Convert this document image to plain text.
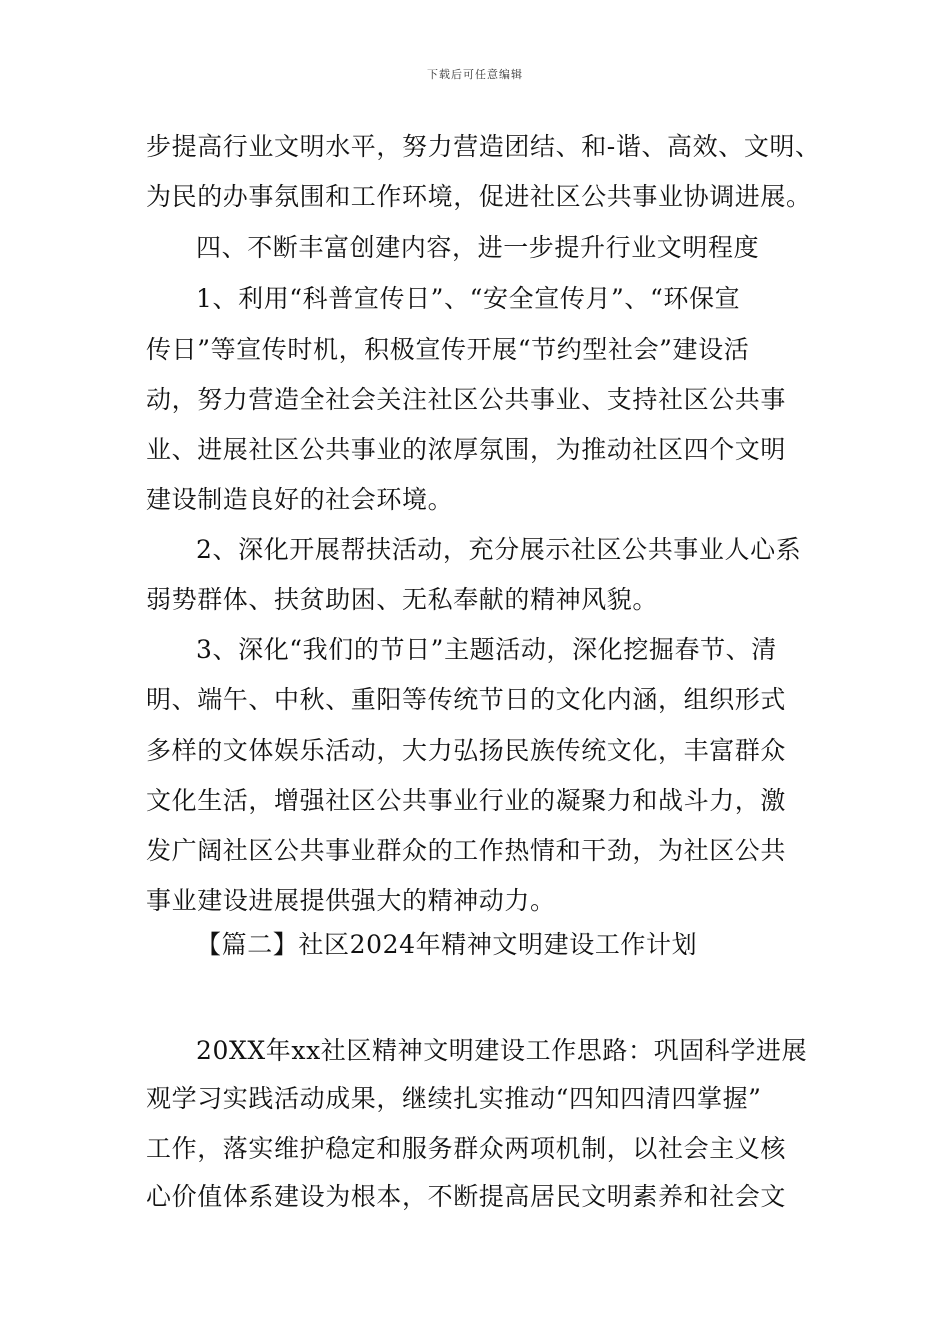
下载后可任意编辑
步提高行业文明水平，努力营造团结、和-谐、高效、文明、
为民的办事氛围和工作环境，促进社区公共事业协调进展。
四、不断丰富创建内容，进一步提升行业文明程度
1、利用“科普宣传日”、“安全宣传月”、“环保宣
传日”等宣传时机，积极宣传开展“节约型社会”建设活
动，努力营造全社会关注社区公共事业、支持社区公共事
业、进展社区公共事业的浓厚氛围，为推动社区四个文明
建设制造良好的社会环境。
2、深化开展帮扶活动，充分展示社区公共事业人心系
弱势群体、扶贫助困、无私奉献的精神风貌。
3、深化“我们的节日”主题活动，深化挖掘春节、清
明、端午、中秋、重阳等传统节日的文化内涵，组织形式
多样的文体娱乐活动，大力弘扬民族传统文化，丰富群众
文化生活，增强社区公共事业行业的凝聚力和战斗力，激
发广阔社区公共事业群众的工作热情和干劲，为社区公共
事业建设进展提供强大的精神动力。
【篇二】社区2024年精神文明建设工作计划
20XX年xx社区精神文明建设工作思路：巩固科学进展
观学习实践活动成果，继续扎实推动“四知四清四掌握”
工作，落实维护稳定和服务群众两项机制，以社会主义核
心价值体系建设为根本，不断提高居民文明素养和社会文
